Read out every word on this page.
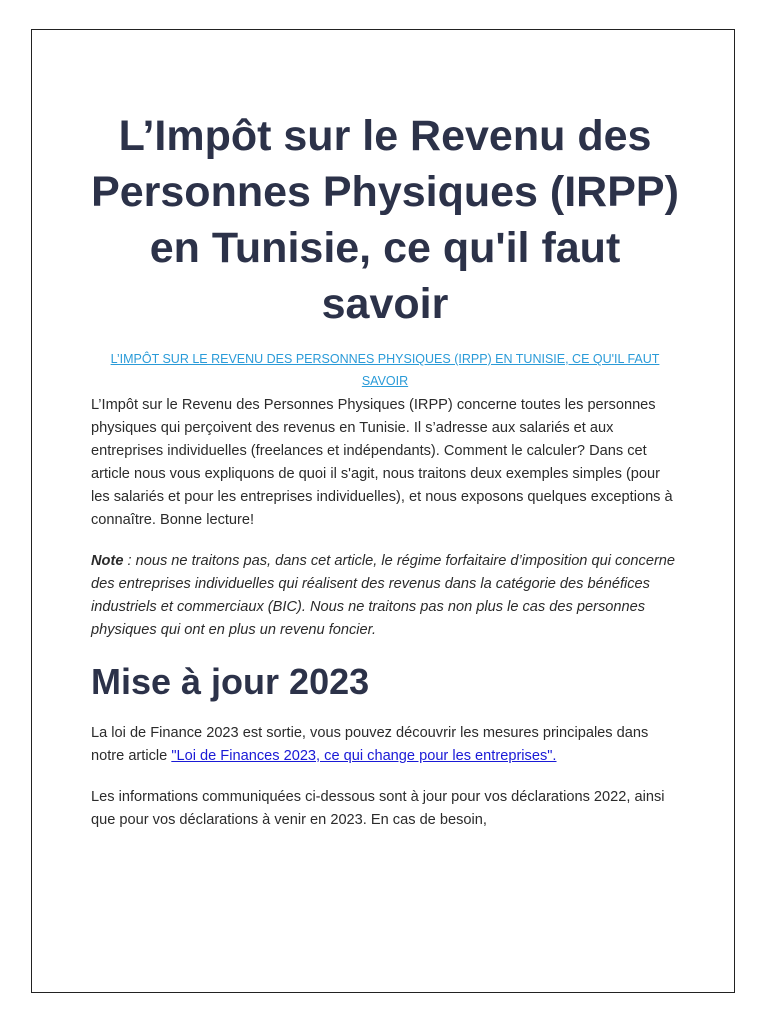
L’Impôt sur le Revenu des Personnes Physiques (IRPP) en Tunisie, ce qu'il faut savoir
L’IMPÔT SUR LE REVENU DES PERSONNES PHYSIQUES (IRPP) EN TUNISIE, CE QU'IL FAUT SAVOIR

L’Impôt sur le Revenu des Personnes Physiques (IRPP) concerne toutes les personnes physiques qui perçoivent des revenus en Tunisie. Il s’adresse aux salariés et aux entreprises individuelles (freelances et indépendants). Comment le calculer? Dans cet article nous vous expliquons de quoi il s'agit, nous traitons deux exemples simples (pour les salariés et pour les entreprises individuelles), et nous exposons quelques exceptions à connaître. Bonne lecture!

Note : nous ne traitons pas, dans cet article, le régime forfaitaire d’imposition qui concerne des entreprises individuelles qui réalisent des revenus dans la catégorie des bénéfices industriels et commerciaux (BIC). Nous ne traitons pas non plus le cas des personnes physiques qui ont en plus un revenu foncier.

Mise à jour 2023

La loi de Finance 2023 est sortie, vous pouvez découvrir les mesures principales dans notre article "Loi de Finances 2023, ce qui change pour les entreprises".

Les informations communiquées ci-dessous sont à jour pour vos déclarations 2022, ainsi que pour vos déclarations à venir en 2023. En cas de besoin,
